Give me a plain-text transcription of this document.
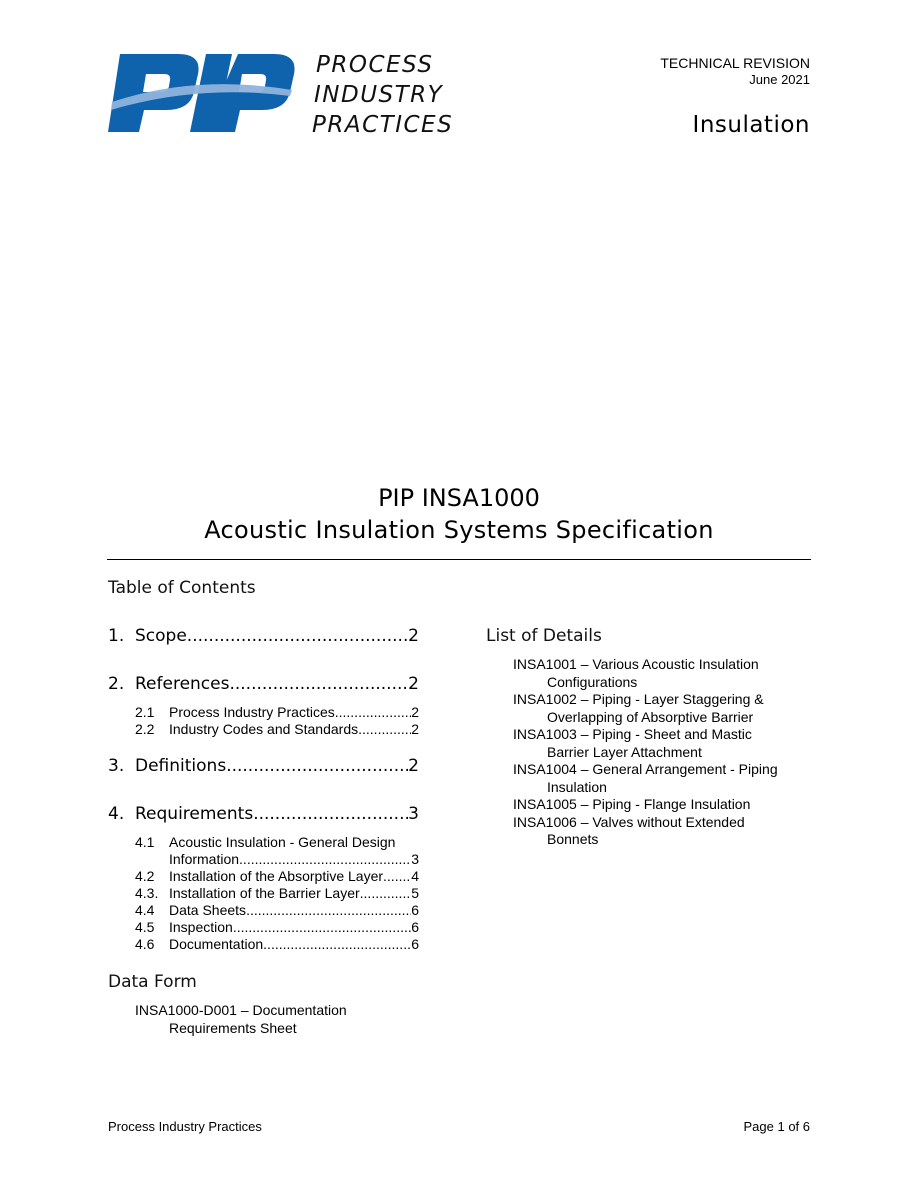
PROCESS
INDUSTRY
PRACTICES
TECHNICAL REVISION
June 2021
Insulation
PIP INSA1000
Acoustic Insulation Systems Specification
Table of Contents
1. Scope .....	2
2. References .....	2
2.1	Process Industry Practices .....	2
2.2	Industry Codes and Standards .....	2
3. Definitions .....	2
4. Requirements .....	3
4.1	Acoustic Insulation - General Design
Information .....	3
4.2	Installation of the Absorptive Layer ..... 4
4.3. Installation of the Barrier Layer .....	5
4.4	Data Sheets .....	6
4.5	Inspection .....	6
4.6	Documentation .....	6
Data Form
INSA1000-D001 – Documentation
Requirements Sheet
List of Details
INSA1001 – Various Acoustic Insulation
Configurations
INSA1002 – Piping - Layer Staggering &
Overlapping of Absorptive Barrier
INSA1003 – Piping - Sheet and Mastic
Barrier Layer Attachment
INSA1004 – General Arrangement - Piping
Insulation
INSA1005 – Piping - Flange Insulation
INSA1006 – Valves without Extended
Bonnets
Process Industry Practices	Page 1 of 6
